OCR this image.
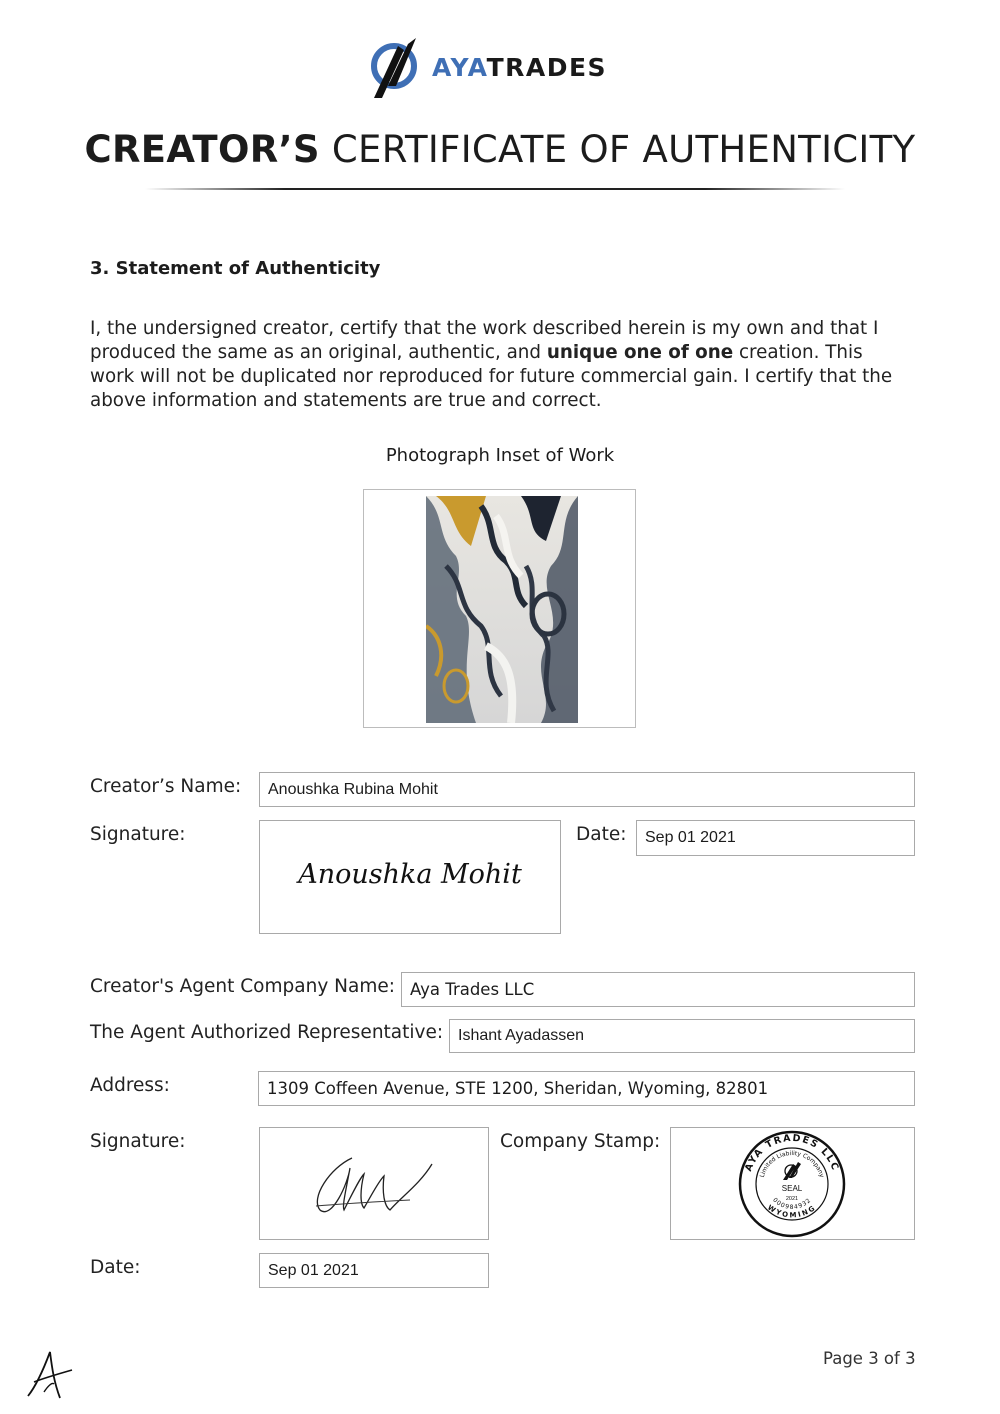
AYATRADES
CREATOR’S CERTIFICATE OF AUTHENTICITY
3. Statement of Authenticity
I, the undersigned creator, certify that the work described herein is my own and that I produced the same as an original, authentic, and unique one of one creation. This work will not be duplicated nor reproduced for future commercial gain. I certify that the above information and statements are true and correct.
Photograph Inset of Work
Creator’s Name:	Anoushka Rubina Mohit
Signature:
Anoushka Mohit
Date:	Sep 01 2021
Creator's Agent Company Name: Aya Trades LLC
The Agent Authorized Representative: Ishant Ayadassen
Address:	1309 Coffeen Avenue, STE 1200, Sheridan, Wyoming, 82801
Signature:	Company Stamp:
AYA TRADES LLC
Limited Liability Company
WYOMING
000984932
SEAL
2021
Date:	Sep 01 2021
Page 3 of 3
